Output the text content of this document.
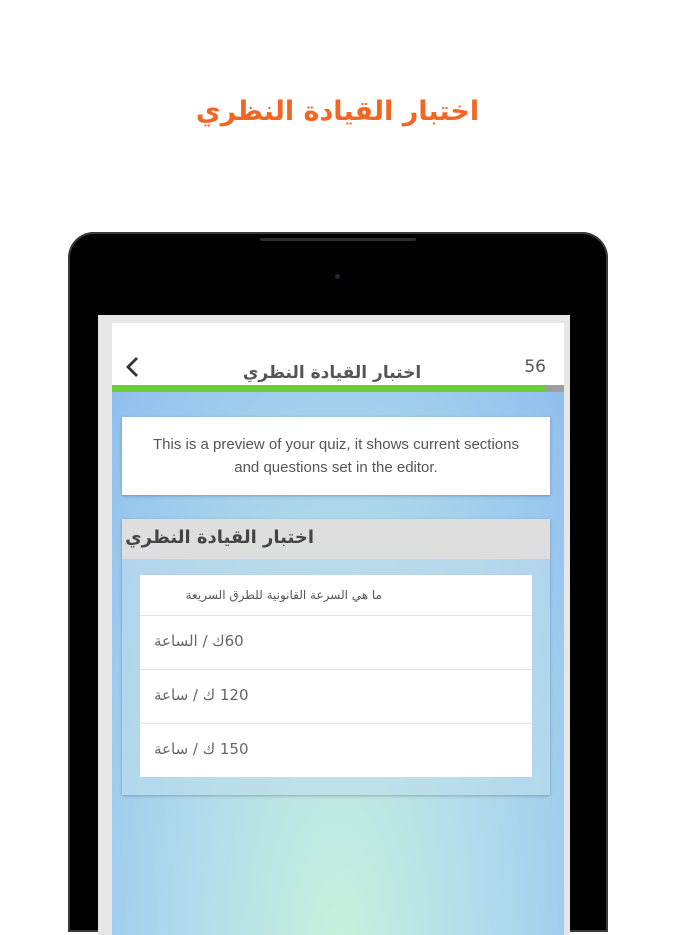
اختبار القيادة النظري
اختبار القيادة النظري	56
This is a preview of your quiz, it shows current sections and questions set in the editor.
اختبار القيادة النظري
ما هي السرعة القانونية للطرق السريعة
60ك / الساعة
120 ك / ساعة
150 ك / ساعة
